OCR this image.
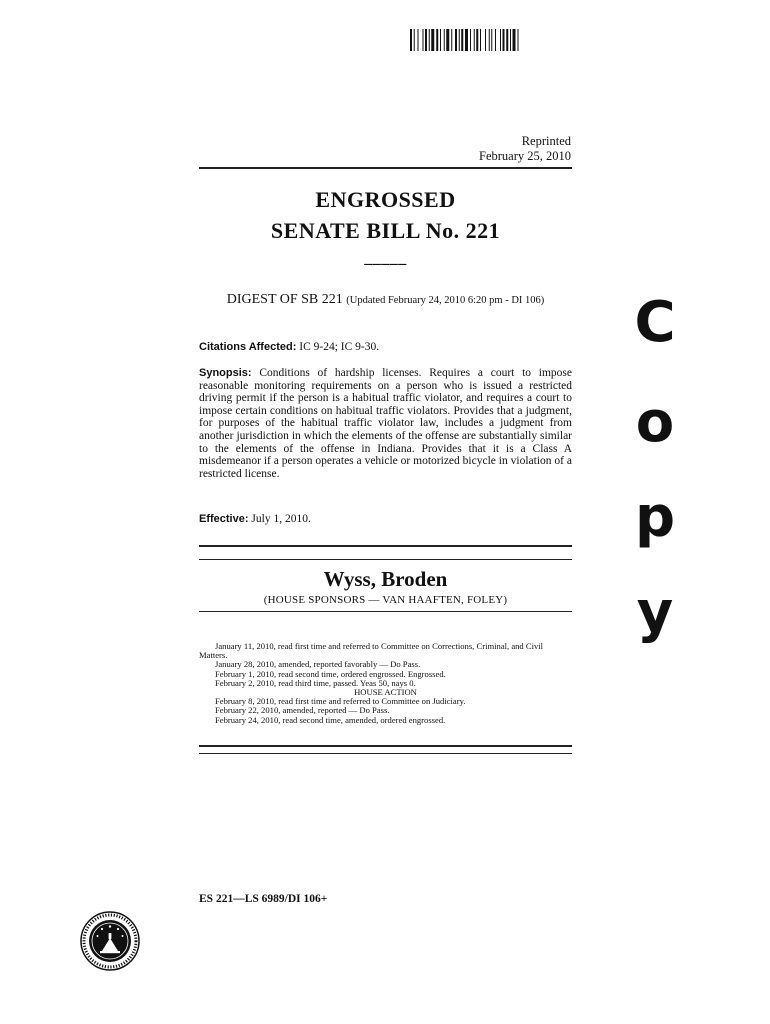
Reprinted
February 25, 2010
ENGROSSED
SENATE BILL No. 221
_____
DIGEST OF SB 221 (Updated February 24, 2010 6:20 pm - DI 106)
Citations Affected: IC 9-24; IC 9-30.
Synopsis: Conditions of hardship licenses. Requires a court to impose reasonable monitoring requirements on a person who is issued a restricted driving permit if the person is a habitual traffic violator, and requires a court to impose certain conditions on habitual traffic violators. Provides that a judgment, for purposes of the habitual traffic violator law, includes a judgment from another jurisdiction in which the elements of the offense are substantially similar to the elements of the offense in Indiana. Provides that it is a Class A misdemeanor if a person operates a vehicle or motorized bicycle in violation of a restricted license.
Effective: July 1, 2010.
Wyss, Broden
(HOUSE SPONSORS — VAN HAAFTEN, FOLEY)
January 11, 2010, read first time and referred to Committee on Corrections, Criminal, and Civil Matters.
January 28, 2010, amended, reported favorably — Do Pass.
February 1, 2010, read second time, ordered engrossed. Engrossed.
February 2, 2010, read third time, passed. Yeas 50, nays 0.
HOUSE ACTION
February 8, 2010, read first time and referred to Committee on Judiciary.
February 22, 2010, amended, reported — Do Pass.
February 24, 2010, read second time, amended, ordered engrossed.
ES 221—LS 6989/DI 106+
C
o
p
y
